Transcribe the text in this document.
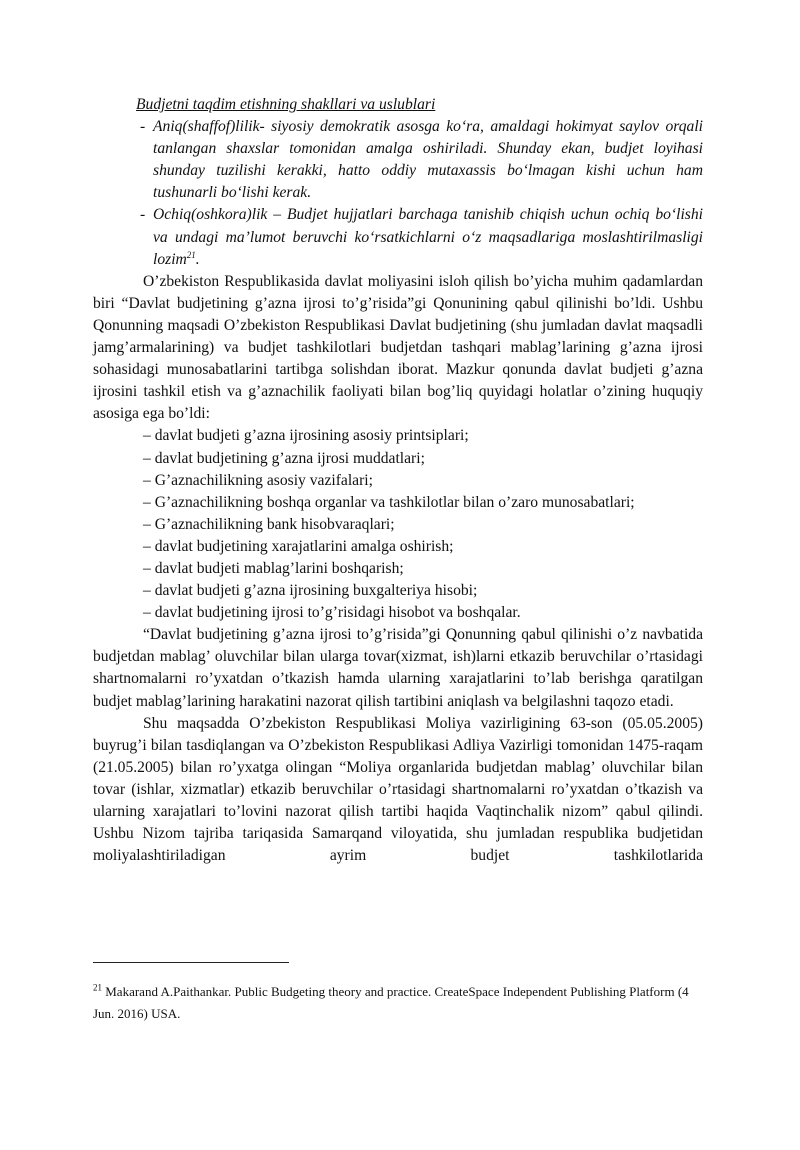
Budjetni taqdim etishning shakllari va uslublari

- Aniq(shaffof)lilik- siyosiy demokratik asosga ko‘ra, amaldagi hokimyat saylov orqali tanlangan shaxslar tomonidan amalga oshiriladi. Shunday ekan, budjet loyihasi shunday tuzilishi kerakki, hatto oddiy mutaxassis bo‘lmagan kishi uchun ham tushunarli bo‘lishi kerak.

- Ochiq(oshkora)lik – Budjet hujjatlari barchaga tanishib chiqish uchun ochiq bo‘lishi va undagi ma’lumot beruvchi ko‘rsatkichlarni o‘z maqsadlariga moslashtirilmasligi lozim$^{21}$.

O’zbekiston Respublikasida davlat moliyasini isloh qilish bo’yicha muhim qadamlardan biri “Davlat budjetining g’azna ijrosi to’g’risida”gi Qonunining qabul qilinishi bo’ldi. Ushbu Qonunning maqsadi O’zbekiston Respublikasi Davlat budjetining (shu jumladan davlat maqsadli jamg’armalarining) va budjet tashkilotlari budjetdan tashqari mablag’larining g’azna ijrosi sohasidagi munosabatlarini tartibga solishdan iborat. Mazkur qonunda davlat budjeti g’azna ijrosini tashkil etish va g’aznachilik faoliyati bilan bog’liq quyidagi holatlar o’zining huquqiy asosiga ega bo’ldi:

– davlat budjeti g’azna ijrosining asosiy printsiplari;

– davlat budjetining g’azna ijrosi muddatlari;

– G’aznachilikning asosiy vazifalari;

– G’aznachilikning boshqa organlar va tashkilotlar bilan o’zaro munosabatlari;

– G’aznachilikning bank hisobvaraqlari;

– davlat budjetining xarajatlarini amalga oshirish;

– davlat budjeti mablag’larini boshqarish;

– davlat budjeti g’azna ijrosining buxgalteriya hisobi;

– davlat budjetining ijrosi to’g’risidagi hisobot va boshqalar.

“Davlat budjetining g’azna ijrosi to’g’risida”gi Qonunning qabul qilinishi o’z navbatida budjetdan mablag’ oluvchilar bilan ularga tovar(xizmat, ish)larni etkazib beruvchilar o’rtasidagi shartnomalarni ro’yxatdan o’tkazish hamda ularning xarajatlarini to’lab berishga qaratilgan budjet mablag’larining harakatini nazorat qilish tartibini aniqlash va belgilashni taqozo etadi.

Shu maqsadda O’zbekiston Respublikasi Moliya vazirligining 63-son (05.05.2005) buyrug’i bilan tasdiqlangan va O’zbekiston Respublikasi Adliya Vazirligi tomonidan 1475-raqam (21.05.2005) bilan ro’yxatga olingan “Moliya organlarida budjetdan mablag’ oluvchilar bilan tovar (ishlar, xizmatlar) etkazib beruvchilar o’rtasidagi shartnomalarni ro’yxatdan o’tkazish va ularning xarajatlari to’lovini nazorat qilish tartibi haqida Vaqtinchalik nizom” qabul qilindi. Ushbu Nizom tajriba tariqasida Samarqand viloyatida, shu jumladan respublika budjetidan moliyalashtiriladigan ayrim budjet tashkilotlarida

$^{21}$ Makarand A.Paithankar. Public Budgeting theory and practice. CreateSpace Independent Publishing Platform (4 Jun. 2016) USA.
